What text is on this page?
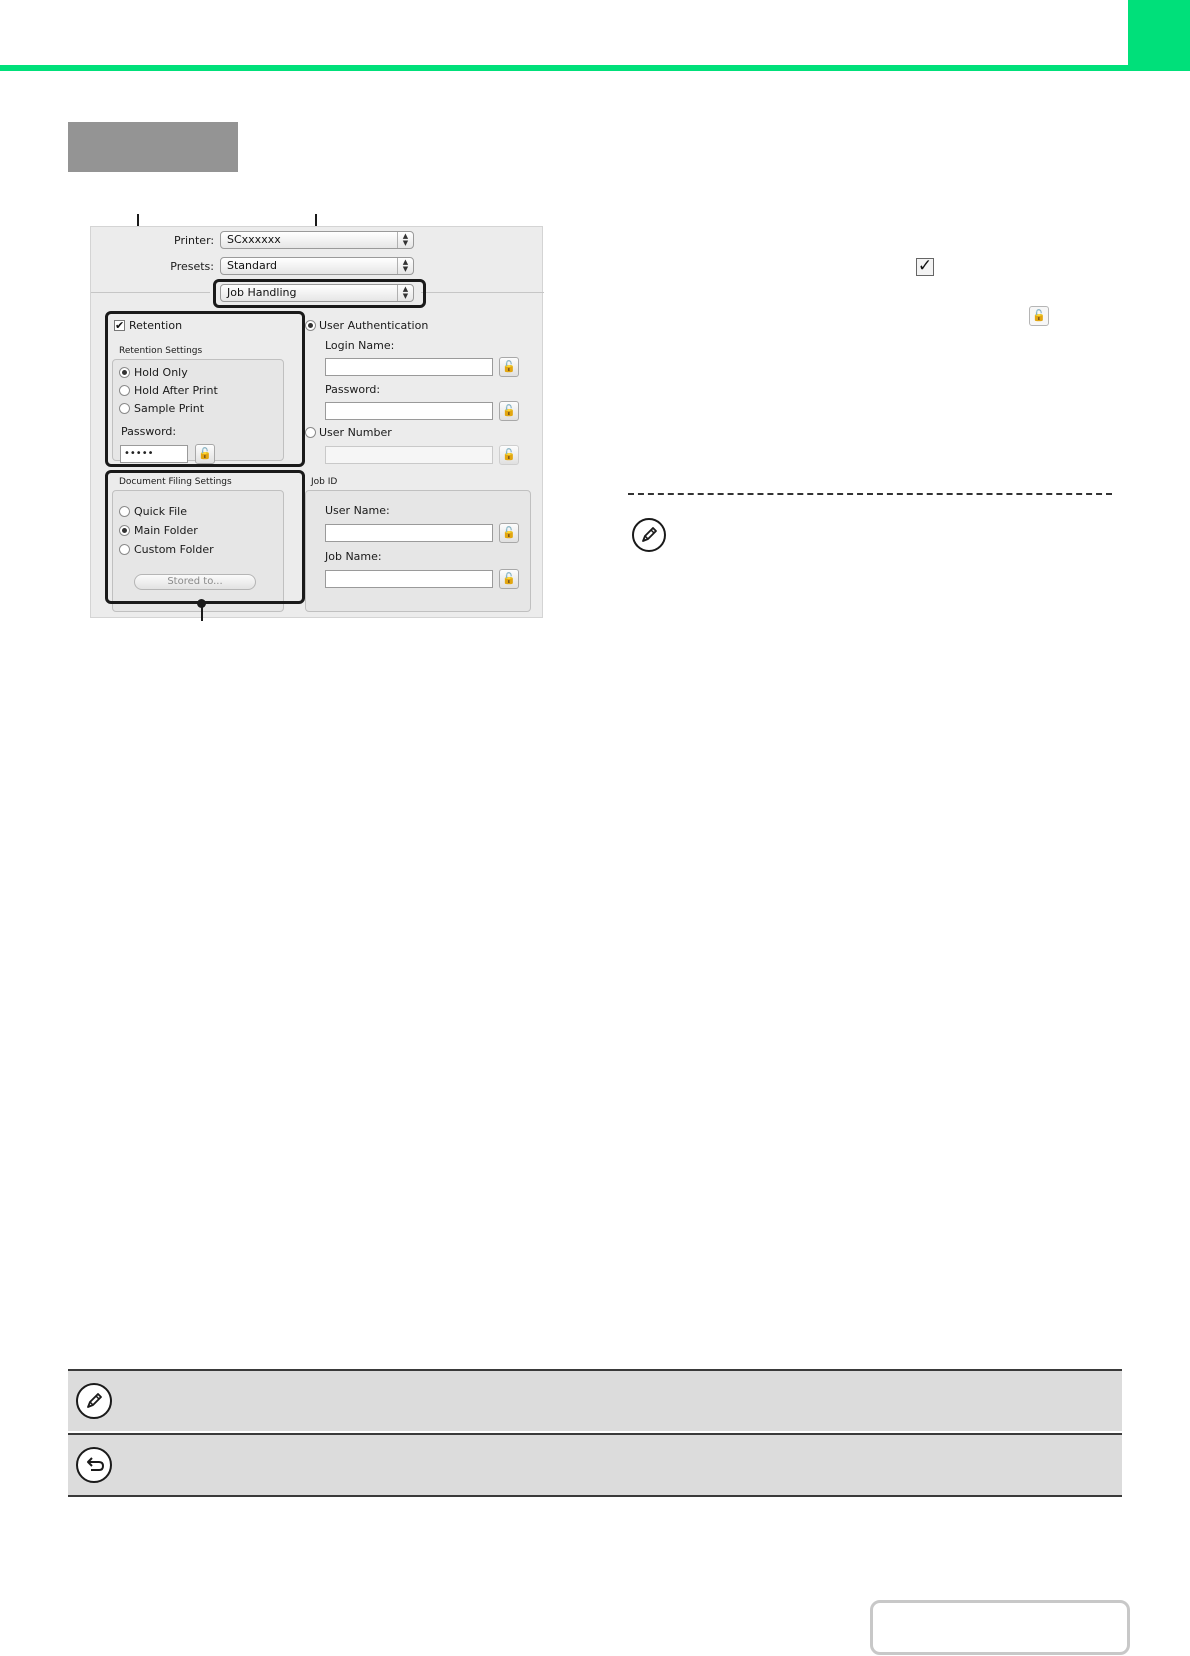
Printer:	SCxxxxxx	▲
▼
Presets:	Standard	▲
▼
Job Handling	▲
▼
✔ Retention
Retention Settings
Hold Only
Hold After Print
Sample Print
Password:
•••••	🔓
Document Filing Settings
Quick File
Main Folder
Custom Folder
Stored to...
User Authentication
Login Name:
🔓
Password:
🔓
User Number
🔓
Job ID
User Name:
🔓
Job Name:
🔓
✓
🔓
